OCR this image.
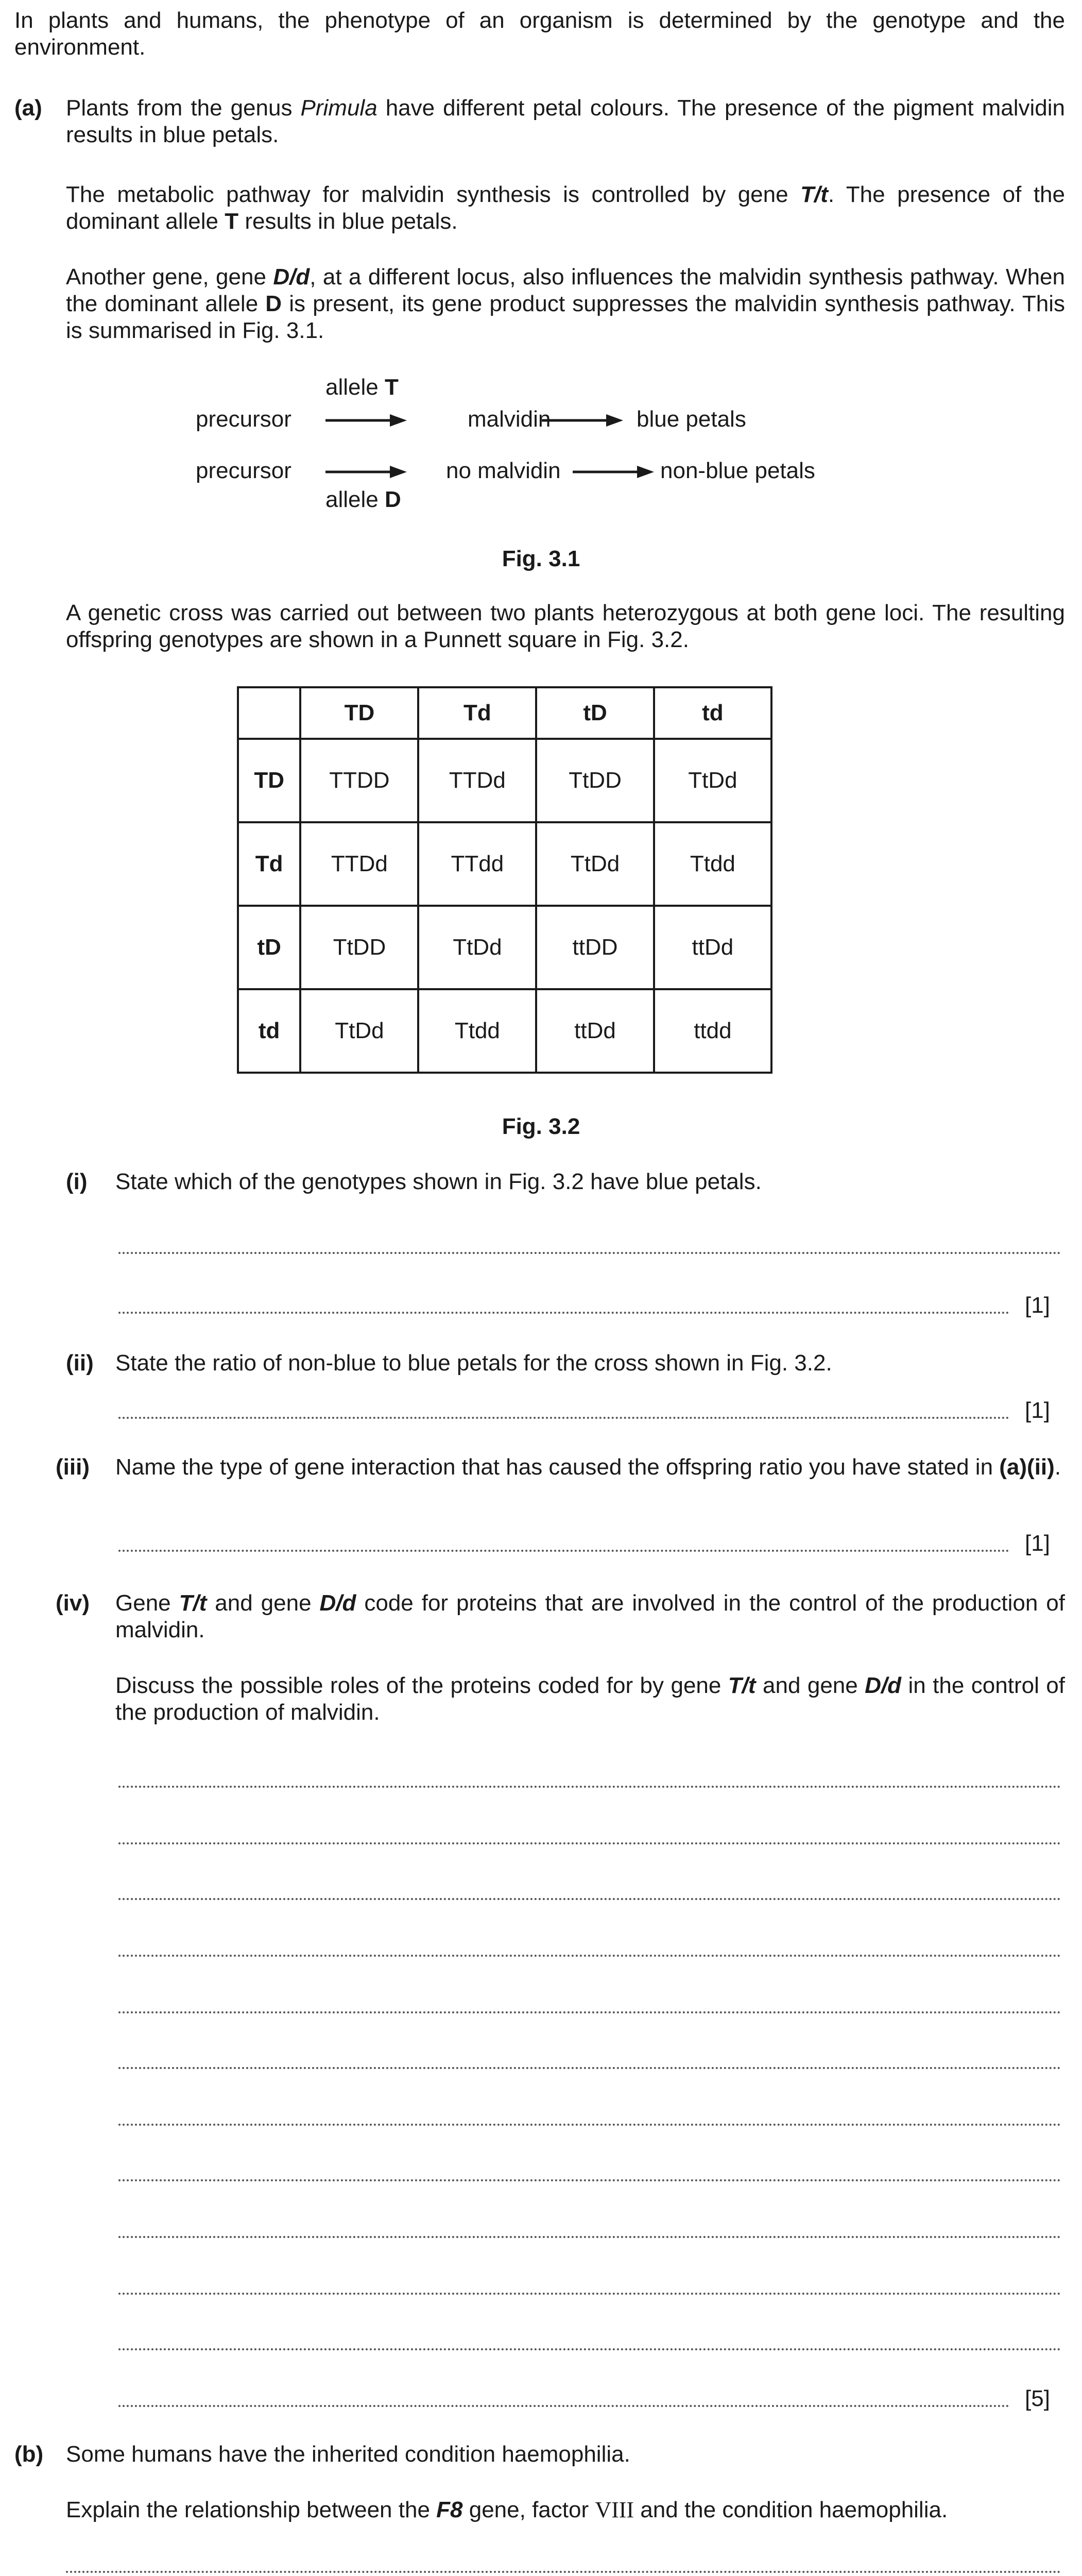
In plants and humans, the phenotype of an organism is determined by the genotype and the environment.
(a) Plants from the genus Primula have different petal colours. The presence of the pigment malvidin results in blue petals.
The metabolic pathway for malvidin synthesis is controlled by gene T/t. The presence of the dominant allele T results in blue petals.
Another gene, gene D/d, at a different locus, also influences the malvidin synthesis pathway. When the dominant allele D is present, its gene product suppresses the malvidin synthesis pathway. This is summarised in Fig. 3.1.
allele T
precursor	malvidin	blue petals
precursor	no malvidin	non-blue petals
allele D
Fig. 3.1
A genetic cross was carried out between two plants heterozygous at both gene loci. The resulting offspring genotypes are shown in a Punnett square in Fig. 3.2.
	TD	Td	tD	td
TD	TTDD	TTDd	TtDD	TtDd
Td	TTDd	TTdd	TtDd	Ttdd
tD	TtDD	TtDd	ttDD	ttDd
td	TtDd	Ttdd	ttDd	ttdd
Fig. 3.2
(i) State which of the genotypes shown in Fig. 3.2 have blue petals.
[1]
(ii) State the ratio of non-blue to blue petals for the cross shown in Fig. 3.2.
[1]
(iii) Name the type of gene interaction that has caused the offspring ratio you have stated in (a)(ii).
[1]
(iv) Gene T/t and gene D/d code for proteins that are involved in the control of the production of malvidin.
Discuss the possible roles of the proteins coded for by gene T/t and gene D/d in the control of the production of malvidin.
[5]
(b) Some humans have the inherited condition haemophilia.
Explain the relationship between the F8 gene, factor VIII and the condition haemophilia.
